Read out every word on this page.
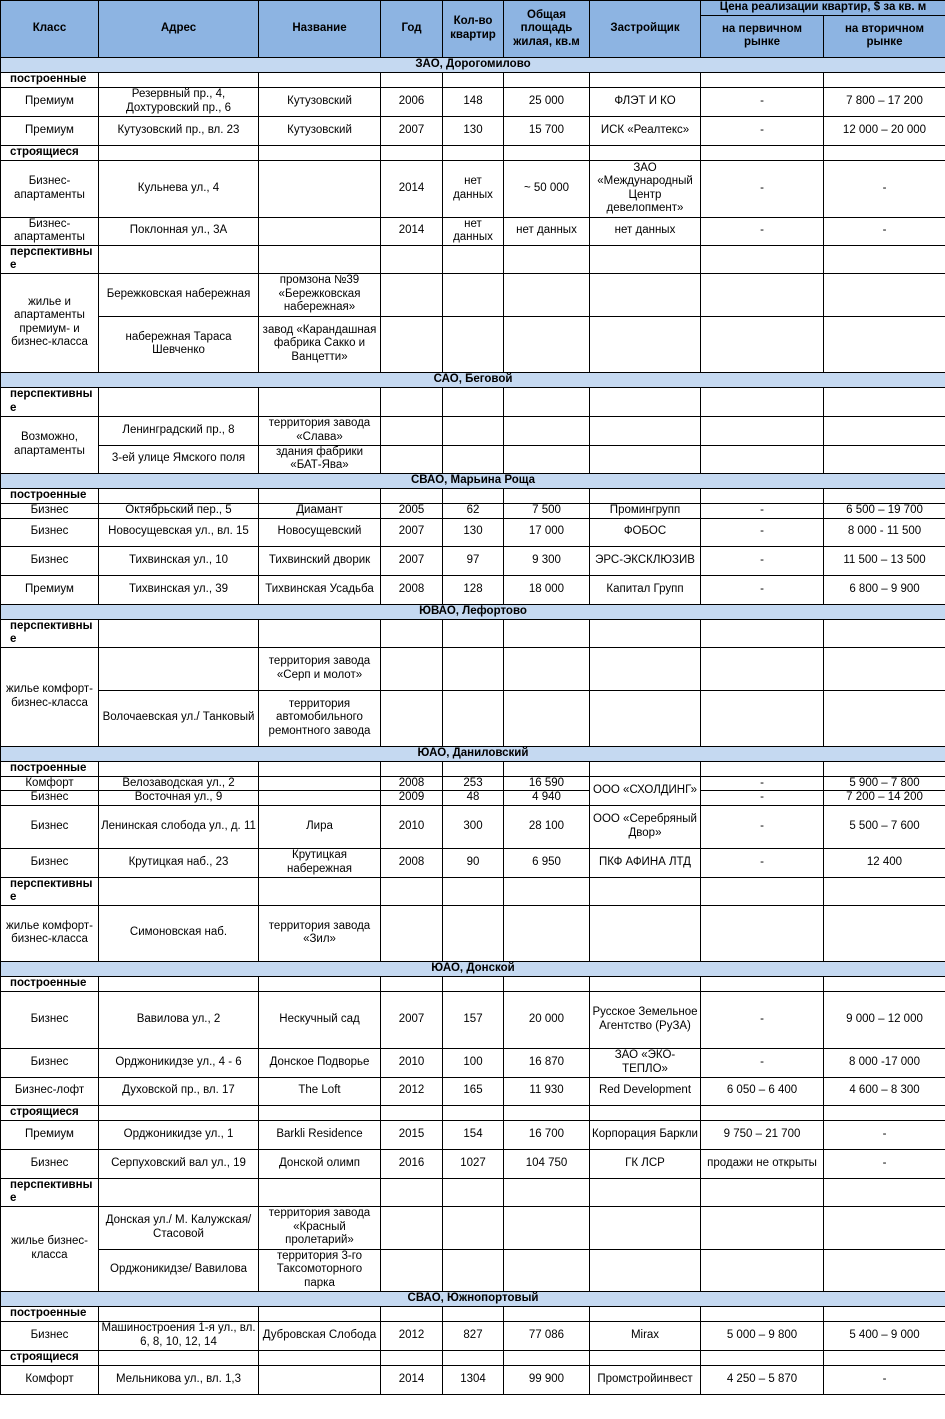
Класс	Адрес	Название	Год	Кол-во квартир	Общая площадь жилая, кв.м	Застройщик	Цена реализации квартир, $ за кв. м	
							на первичном рынке	на вторичном рынке
ЗАО, Дорогомилово								
построенные								
Премиум	Резервный пр., 4, Дохтуровский пр., 6	Кутузовский	2006	148	25 000	ФЛЭТ И КО	-	7 800 – 17 200
Премиум	Кутузовский пр., вл. 23	Кутузовский	2007	130	15 700	ИСК «Реалтекс»	-	12 000 – 20 000
строящиеся								
Бизнес-апартаменты	Кульнева ул., 4		2014	нет данных	~ 50 000	ЗАО «Международный Центр девелопмент»	-	-
Бизнес-апартаменты	Поклонная ул., 3А		2014	нет данных	нет данных	нет данных	-	-
перспективные								
жилье и апартаменты премиум- и бизнес-класса	Бережковская набережная	промзона №39 «Бережковская набережная»						
	набережная Тараса Шевченко	завод «Карандашная фабрика Сакко и Ванцетти»						
САО, Беговой								
перспективные								
Возможно, апартаменты	Ленинградский пр., 8	территория завода «Слава»						
	3-ей улице Ямского поля	здания фабрики «БАТ-Ява»						
СВАО, Марьина Роща								
построенные								
Бизнес	Октябрьский пер., 5	Диамант	2005	62	7 500	Промингрупп	-	6 500 – 19 700
Бизнес	Новосущевская ул., вл. 15	Новосущевский	2007	130	17 000	ФОБОС	-	8 000 - 11 500
Бизнес	Тихвинская ул., 10	Тихвинский дворик	2007	97	9 300	ЭРС-ЭКСКЛЮЗИВ	-	11 500 – 13 500
Премиум	Тихвинская ул., 39	Тихвинская Усадьба	2008	128	18 000	Капитал Групп	-	6 800 – 9 900
ЮВАО, Лефортово								
перспективные								
жилье комфорт-бизнес-класса		территория завода «Серп и молот»						
	Волочаевская ул./ Танковый	территория автомобильного ремонтного завода						
ЮАО, Даниловский								
построенные								
Комфорт	Велозаводская ул., 2		2008	253	16 590	ООО «СХОЛДИНГ»	-	5 900 – 7 800
Бизнес	Восточная ул., 9		2009	48	4 940		-	7 200 – 14 200
Бизнес	Ленинская слобода ул., д. 11	Лира	2010	300	28 100	ООО «Серебряный Двор»	-	5 500 – 7 600
Бизнес	Крутицкая наб., 23	Крутицкая набережная	2008	90	6 950	ПКФ АФИНА ЛТД	-	12 400
перспективные								
жилье комфорт-бизнес-класса	Симоновская наб.	территория завода «Зил»						
ЮАО, Донской								
построенные								
Бизнес	Вавилова ул., 2	Нескучный сад	2007	157	20 000	Русское Земельное Агентство (РуЗА)	-	9 000 – 12 000
Бизнес	Орджоникидзе ул., 4 - 6	Донское Подворье	2010	100	16 870	ЗАО «ЭКО-ТЕПЛО»	-	8 000 -17 000
Бизнес-лофт	Духовской пр., вл. 17	The Loft	2012	165	11 930	Red Development	6 050 – 6 400	4 600 – 8 300
строящиеся								
Премиум	Орджоникидзе ул., 1	Barkli Residence	2015	154	16 700	Корпорация Баркли	9 750 – 21 700	-
Бизнес	Серпуховский вал ул., 19	Донской олимп	2016	1027	104 750	ГК ЛСР	продажи не открыты	-
перспективные								
жилье бизнес-класса	Донская ул./ М. Калужская/Стасовой	территория завода «Красный пролетарий»						
	Орджоникидзе/ Вавилова	территория 3-го Таксомоторного парка						
СВАО, Южнопортовый								
построенные								
Бизнес	Машиностроения 1-я ул., вл. 6, 8, 10, 12, 14	Дубровская Слобода	2012	827	77 086	Mirax	5 000 – 9 800	5 400 – 9 000
строящиеся								
Комфорт	Мельникова ул., вл. 1,3		2014	1304	99 900	Промстройинвест	4 250 – 5 870	-
